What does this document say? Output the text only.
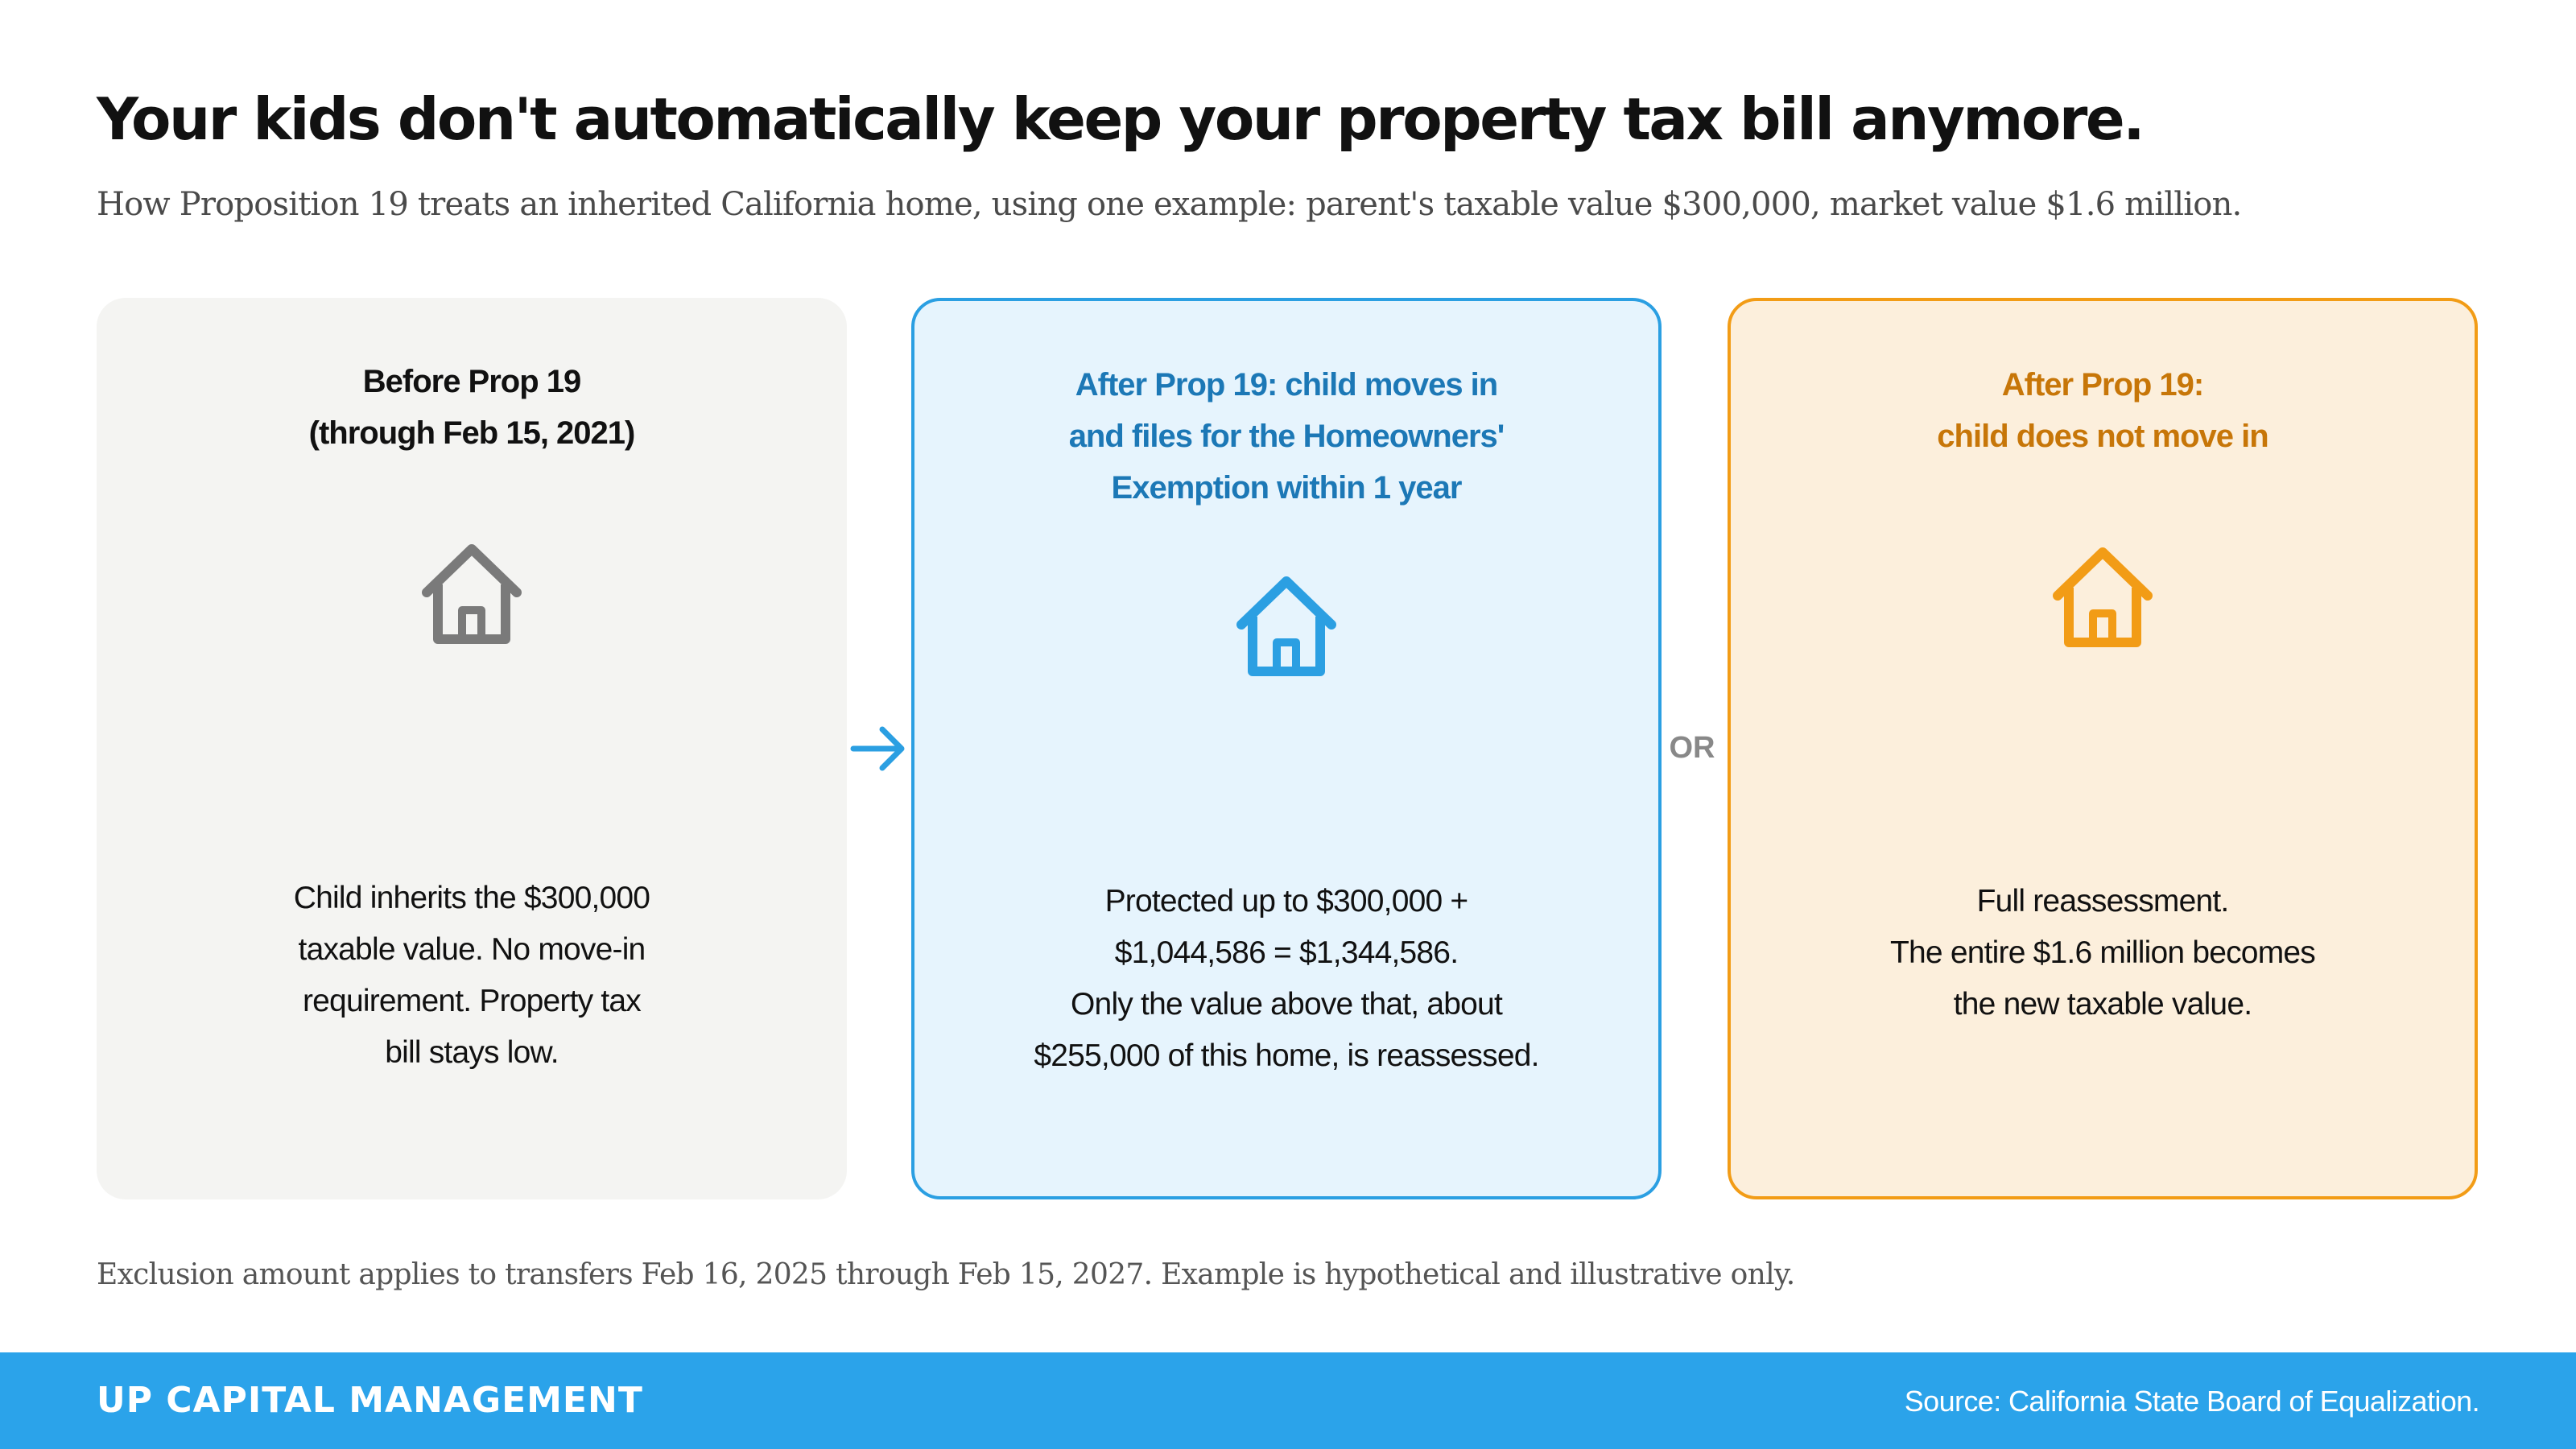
Your kids don't automatically keep your property tax bill anymore.
How Proposition 19 treats an inherited California home, using one example: parent's taxable value $300,000, market value $1.6 million.
Before Prop 19
(through Feb 15, 2021)
Child inherits the $300,000
taxable value. No move-in
requirement. Property tax
bill stays low.
After Prop 19: child moves in
and files for the Homeowners'
Exemption within 1 year
Protected up to $300,000 +
$1,044,586 = $1,344,586.
Only the value above that, about
$255,000 of this home, is reassessed.
OR
After Prop 19:
child does not move in
Full reassessment.
The entire $1.6 million becomes
the new taxable value.
Exclusion amount applies to transfers Feb 16, 2025 through Feb 15, 2027. Example is hypothetical and illustrative only.
UP CAPITAL MANAGEMENT	Source: California State Board of Equalization.
